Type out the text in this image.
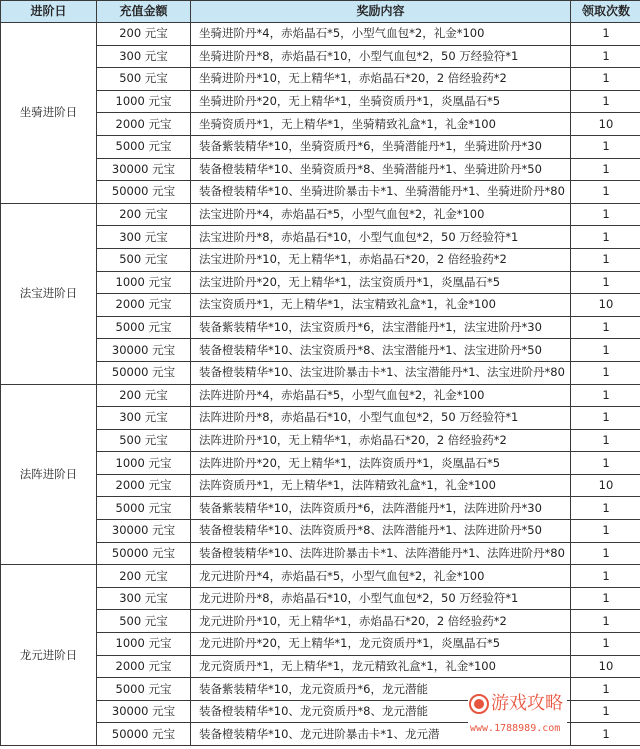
进阶日	充值金额	奖励内容	领取次数
坐骑进阶日	200 元宝	坐骑进阶丹*4，赤焰晶石*5，小型气血包*2，礼金*100	1
	300 元宝	坐骑进阶丹*8，赤焰晶石*10，小型气血包*2，50 万经验符*1	1
	500 元宝	坐骑进阶丹*10，无上精华*1，赤焰晶石*20，2 倍经验药*2	1
	1000 元宝	坐骑进阶丹*20，无上精华*1，坐骑资质丹*1，炎凰晶石*5	1
	2000 元宝	坐骑资质丹*1，无上精华*1，坐骑精致礼盒*1，礼金*100	10
	5000 元宝	装备紫装精华*10，坐骑资质丹*6，坐骑潜能丹*1，坐骑进阶丹*30	1
	30000 元宝	装备橙装精华*10、坐骑资质丹*8、坐骑潜能丹*1、坐骑进阶丹*50	1
	50000 元宝	装备橙装精华*10、坐骑进阶暴击卡*1、坐骑潜能丹*1、坐骑进阶丹*80	1
法宝进阶日	200 元宝	法宝进阶丹*4，赤焰晶石*5，小型气血包*2，礼金*100	1
	300 元宝	法宝进阶丹*8，赤焰晶石*10，小型气血包*2，50 万经验符*1	1
	500 元宝	法宝进阶丹*10，无上精华*1，赤焰晶石*20，2 倍经验药*2	1
	1000 元宝	法宝进阶丹*20，无上精华*1，法宝资质丹*1，炎凰晶石*5	1
	2000 元宝	法宝资质丹*1，无上精华*1，法宝精致礼盒*1，礼金*100	10
	5000 元宝	装备紫装精华*10，法宝资质丹*6，法宝潜能丹*1，法宝进阶丹*30	1
	30000 元宝	装备橙装精华*10、法宝资质丹*8、法宝潜能丹*1、法宝进阶丹*50	1
	50000 元宝	装备橙装精华*10、法宝进阶暴击卡*1、法宝潜能丹*1、法宝进阶丹*80	1
法阵进阶日	200 元宝	法阵进阶丹*4，赤焰晶石*5，小型气血包*2，礼金*100	1
	300 元宝	法阵进阶丹*8，赤焰晶石*10，小型气血包*2，50 万经验符*1	1
	500 元宝	法阵进阶丹*10，无上精华*1，赤焰晶石*20，2 倍经验药*2	1
	1000 元宝	法阵进阶丹*20，无上精华*1，法阵资质丹*1，炎凰晶石*5	1
	2000 元宝	法阵资质丹*1，无上精华*1，法阵精致礼盒*1，礼金*100	10
	5000 元宝	装备紫装精华*10，法阵资质丹*6，法阵潜能丹*1，法阵进阶丹*30	1
	30000 元宝	装备橙装精华*10、法阵资质丹*8、法阵潜能丹*1、法阵进阶丹*50	1
	50000 元宝	装备橙装精华*10、法阵进阶暴击卡*1、法阵潜能丹*1、法阵进阶丹*80	1
龙元进阶日	200 元宝	龙元进阶丹*4，赤焰晶石*5，小型气血包*2，礼金*100	1
	300 元宝	龙元进阶丹*8，赤焰晶石*10，小型气血包*2，50 万经验符*1	1
	500 元宝	龙元进阶丹*10，无上精华*1，赤焰晶石*20，2 倍经验药*2	1
	1000 元宝	龙元进阶丹*20，无上精华*1，龙元资质丹*1，炎凰晶石*5	1
	2000 元宝	龙元资质丹*1，无上精华*1，龙元精致礼盒*1，礼金*100	10
	5000 元宝	装备紫装精华*10，龙元资质丹*6，龙元潜能	1
	30000 元宝	装备橙装精华*10、龙元资质丹*8、龙元潜能	1
	50000 元宝	装备橙装精华*10、龙元进阶暴击卡*1、龙元潜	1
游戏攻略
www.1788989.com
